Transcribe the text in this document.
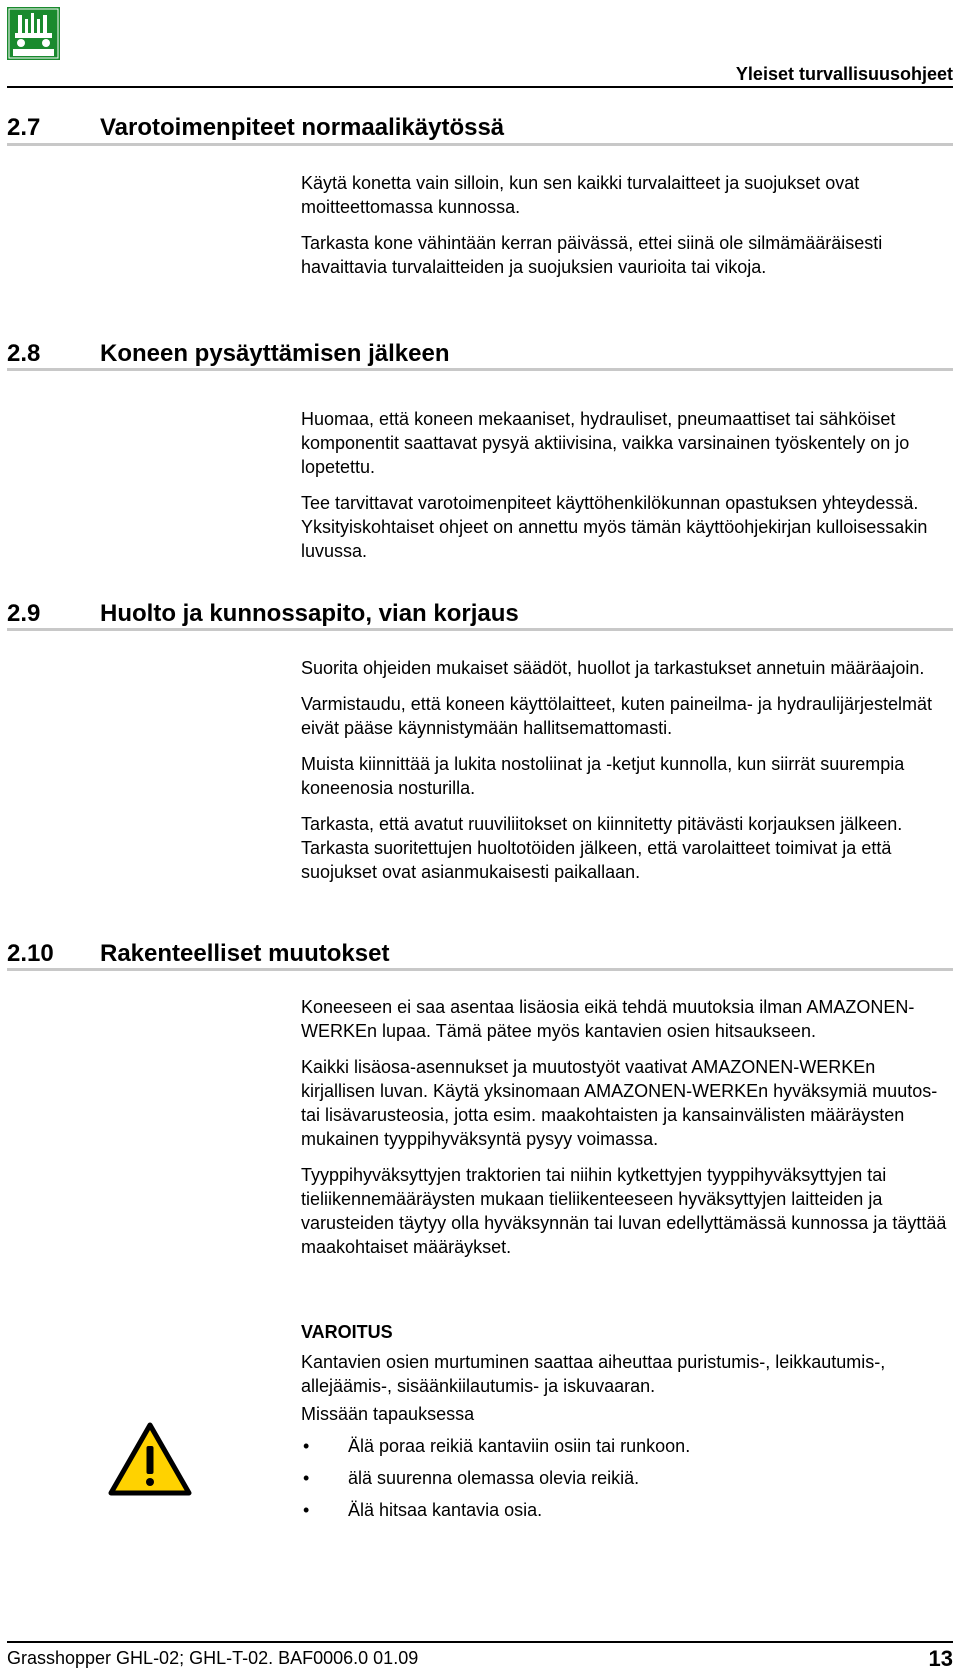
Yleiset turvallisuusohjeet
2.7 Varotoimenpiteet normaalikäytössä

Käytä konetta vain silloin, kun sen kaikki turvalaitteet ja suojukset ovat moitteettomassa kunnossa.

Tarkasta kone vähintään kerran päivässä, ettei siinä ole silmämääräisesti havaittavia turvalaitteiden ja suojuksien vaurioita tai vikoja.

2.8 Koneen pysäyttämisen jälkeen

Huomaa, että koneen mekaaniset, hydrauliset, pneumaattiset tai sähköiset komponentit saattavat pysyä aktiivisina, vaikka varsinainen työskentely on jo lopetettu.

Tee tarvittavat varotoimenpiteet käyttöhenkilökunnan opastuksen yhteydessä. Yksityiskohtaiset ohjeet on annettu myös tämän käyttöohjekirjan kulloisessakin luvussa.

2.9 Huolto ja kunnossapito, vian korjaus

Suorita ohjeiden mukaiset säädöt, huollot ja tarkastukset annetuin määräajoin.

Varmistaudu, että koneen käyttölaitteet, kuten paineilma- ja hydraulijärjestelmät eivät pääse käynnistymään hallitsemattomasti.

Muista kiinnittää ja lukita nostoliinat ja -ketjut kunnolla, kun siirrät suurempia koneenosia nosturilla.

Tarkasta, että avatut ruuviliitokset on kiinnitetty pitävästi korjauksen jälkeen. Tarkasta suoritettujen huoltotöiden jälkeen, että varolaitteet toimivat ja että suojukset ovat asianmukaisesti paikallaan.

2.10 Rakenteelliset muutokset

Koneeseen ei saa asentaa lisäosia eikä tehdä muutoksia ilman AMAZONEN-WERKEn lupaa. Tämä pätee myös kantavien osien hitsaukseen.

Kaikki lisäosa-asennukset ja muutostyöt vaativat AMAZONEN-WERKEn kirjallisen luvan. Käytä yksinomaan AMAZONEN-WERKEn hyväksymiä muutos- tai lisävarusteosia, jotta esim. maakohtaisten ja kansainvälisten määräysten mukainen tyyppihyväksyntä pysyy voimassa.

Tyyppihyväksyttyjen traktorien tai niihin kytkettyjen tyyppihyväksyttyjen tai tieliikennemääräysten mukaan tieliikenteeseen hyväksyttyjen laitteiden ja varusteiden täytyy olla hyväksynnän tai luvan edellyttämässä kunnossa ja täyttää maakohtaiset määräykset.

VAROITUS

Kantavien osien murtuminen saattaa aiheuttaa puristumis-, leikkautumis-, allejäämis-, sisäänkiilautumis- ja iskuvaaran.

Missään tapauksessa

• Älä poraa reikiä kantaviin osiin tai runkoon.
• älä suurenna olemassa olevia reikiä.
• Älä hitsaa kantavia osia.
Grasshopper GHL-02; GHL-T-02. BAF0006.0 01.09	13
